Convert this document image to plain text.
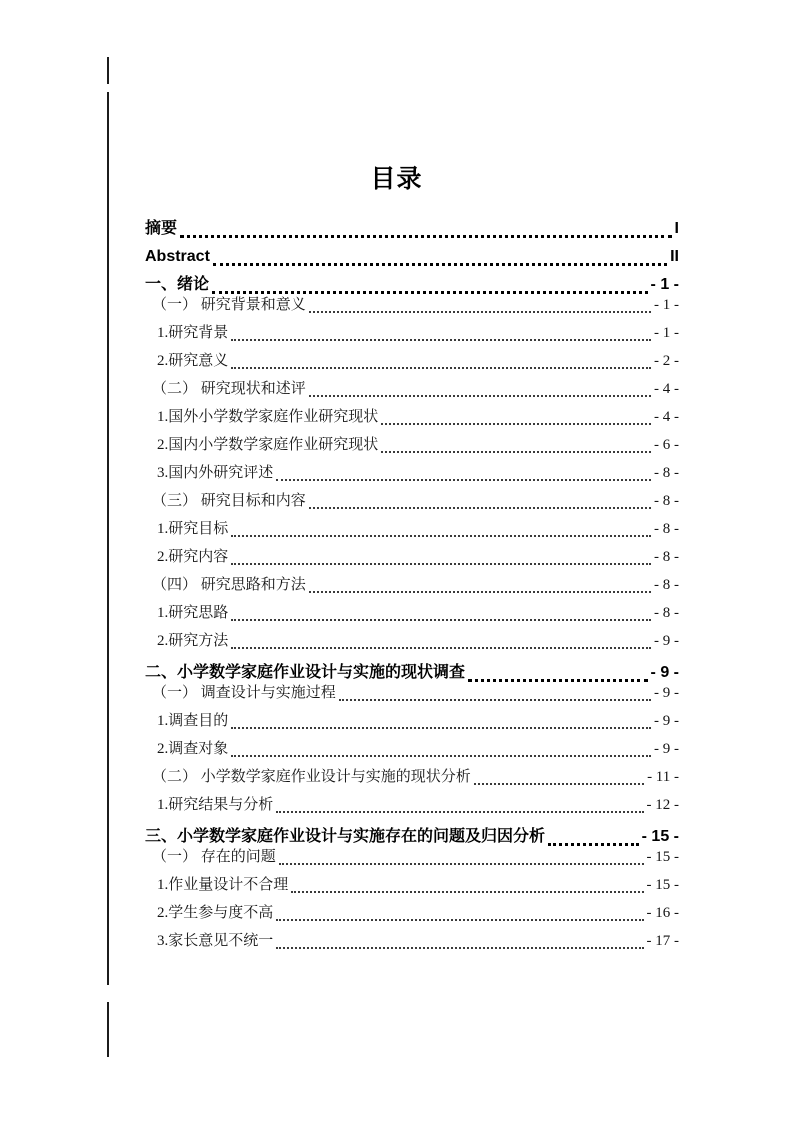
目录
摘要	I
Abstract	II
一、绪论	- 1 -
（一） 研究背景和意义	- 1 -
1.研究背景	- 1 -
2.研究意义	- 2 -
（二） 研究现状和述评	- 4 -
1.国外小学数学家庭作业研究现状	- 4 -
2.国内小学数学家庭作业研究现状	- 6 -
3.国内外研究评述	- 8 -
（三） 研究目标和内容	- 8 -
1.研究目标	- 8 -
2.研究内容	- 8 -
（四） 研究思路和方法	- 8 -
1.研究思路	- 8 -
2.研究方法	- 9 -
二、小学数学家庭作业设计与实施的现状调查	- 9 -
（一） 调查设计与实施过程	- 9 -
1.调查目的	- 9 -
2.调查对象	- 9 -
（二） 小学数学家庭作业设计与实施的现状分析	- 11 -
1.研究结果与分析	- 12 -
三、小学数学家庭作业设计与实施存在的问题及归因分析	- 15 -
（一） 存在的问题	- 15 -
1.作业量设计不合理	- 15 -
2.学生参与度不高	- 16 -
3.家长意见不统一	- 17 -
